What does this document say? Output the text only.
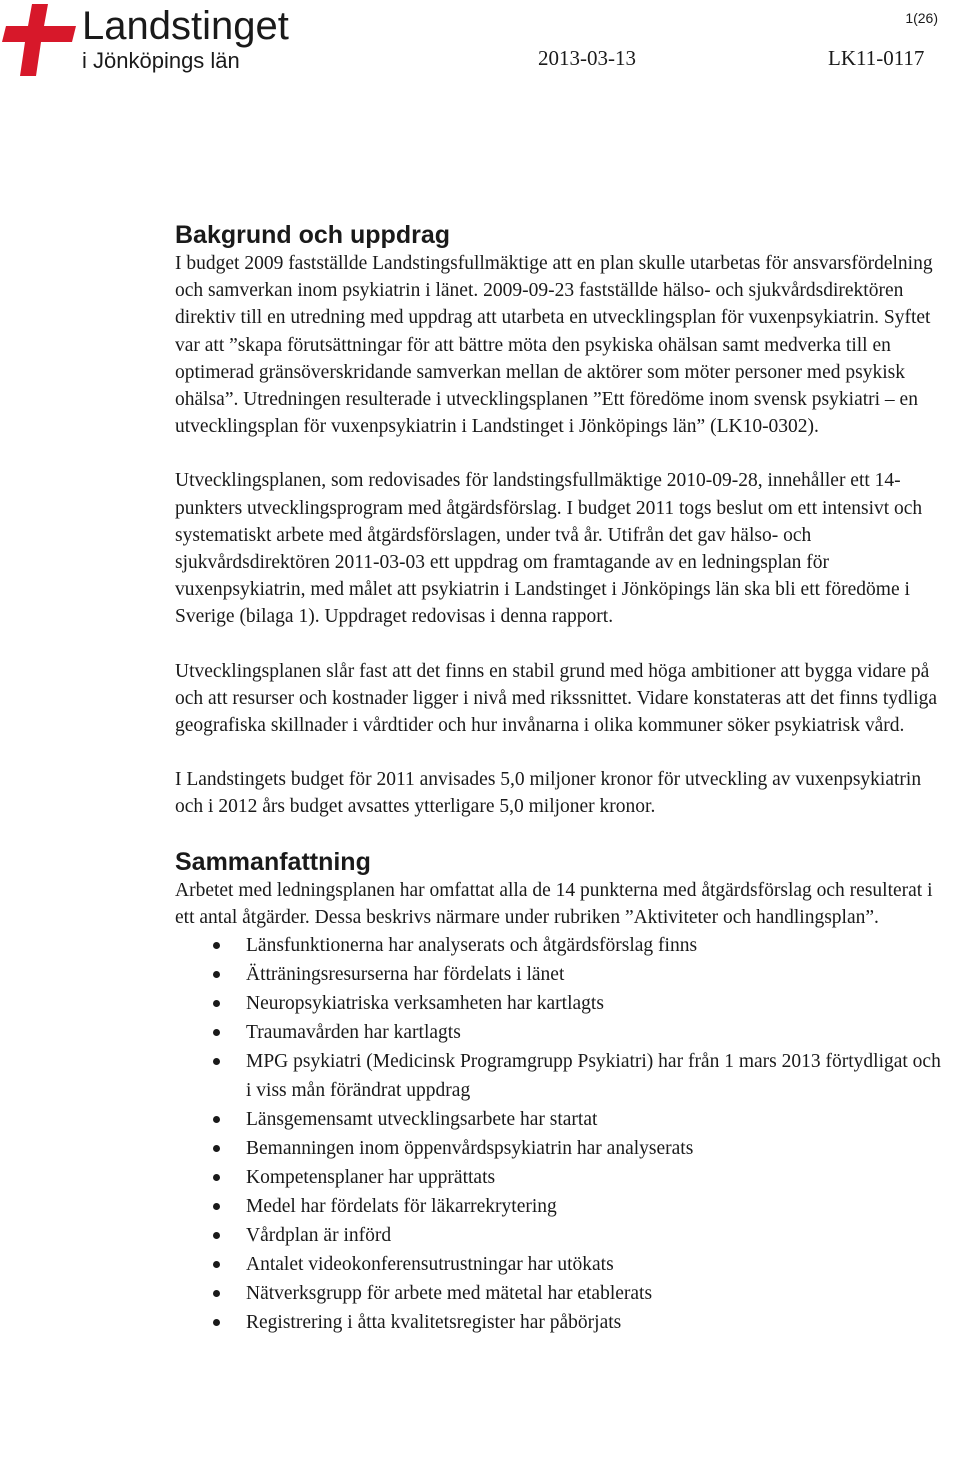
Landstinget
i Jönköpings län
1(26)
2013-03-13	LK11-0117
Bakgrund och uppdrag

I budget 2009 fastställde Landstingsfullmäktige att en plan skulle utarbetas för ansvarsfördelning och samverkan inom psykiatrin i länet. 2009-09-23 fastställde hälso- och sjukvårdsdirektören direktiv till en utredning med uppdrag att utarbeta en utvecklingsplan för vuxenpsykiatrin. Syftet var att ”skapa förutsättningar för att bättre möta den psykiska ohälsan samt medverka till en optimerad gränsöverskridande samverkan mellan de aktörer som möter personer med psykisk ohälsa”. Utredningen resulterade i utvecklingsplanen ”Ett föredöme inom svensk psykiatri – en utvecklingsplan för vuxenpsykiatrin i Landstinget i Jönköpings län” (LK10-0302).

Utvecklingsplanen, som redovisades för landstingsfullmäktige 2010-09-28, innehåller ett 14-punkters utvecklingsprogram med åtgärdsförslag. I budget 2011 togs beslut om ett intensivt och systematiskt arbete med åtgärdsförslagen, under två år. Utifrån det gav hälso- och sjukvårdsdirektören 2011-03-03 ett uppdrag om framtagande av en ledningsplan för vuxenpsykiatrin, med målet att psykiatrin i Landstinget i Jönköpings län ska bli ett föredöme i Sverige (bilaga 1). Uppdraget redovisas i denna rapport.

Utvecklingsplanen slår fast att det finns en stabil grund med höga ambitioner att bygga vidare på och att resurser och kostnader ligger i nivå med rikssnittet. Vidare konstateras att det finns tydliga geografiska skillnader i vårdtider och hur invånarna i olika kommuner söker psykiatrisk vård.

I Landstingets budget för 2011 anvisades 5,0 miljoner kronor för utveckling av vuxenpsykiatrin och i 2012 års budget avsattes ytterligare 5,0 miljoner kronor.

Sammanfattning

Arbetet med ledningsplanen har omfattat alla de 14 punkterna med åtgärdsförslag och resulterat i ett antal åtgärder. Dessa beskrivs närmare under rubriken ”Aktiviteter och handlingsplan”.

Länsfunktionerna har analyserats och åtgärdsförslag finns
Ätträningsresurserna har fördelats i länet
Neuropsykiatriska verksamheten har kartlagts
Traumavården har kartlagts
MPG psykiatri (Medicinsk Programgrupp Psykiatri) har från 1 mars 2013 förtydligat och i viss mån förändrat uppdrag
Länsgemensamt utvecklingsarbete har startat
Bemanningen inom öppenvårdspsykiatrin har analyserats
Kompetensplaner har upprättats
Medel har fördelats för läkarrekrytering
Vårdplan är införd
Antalet videokonferensutrustningar har utökats
Nätverksgrupp för arbete med mätetal har etablerats
Registrering i åtta kvalitetsregister har påbörjats
